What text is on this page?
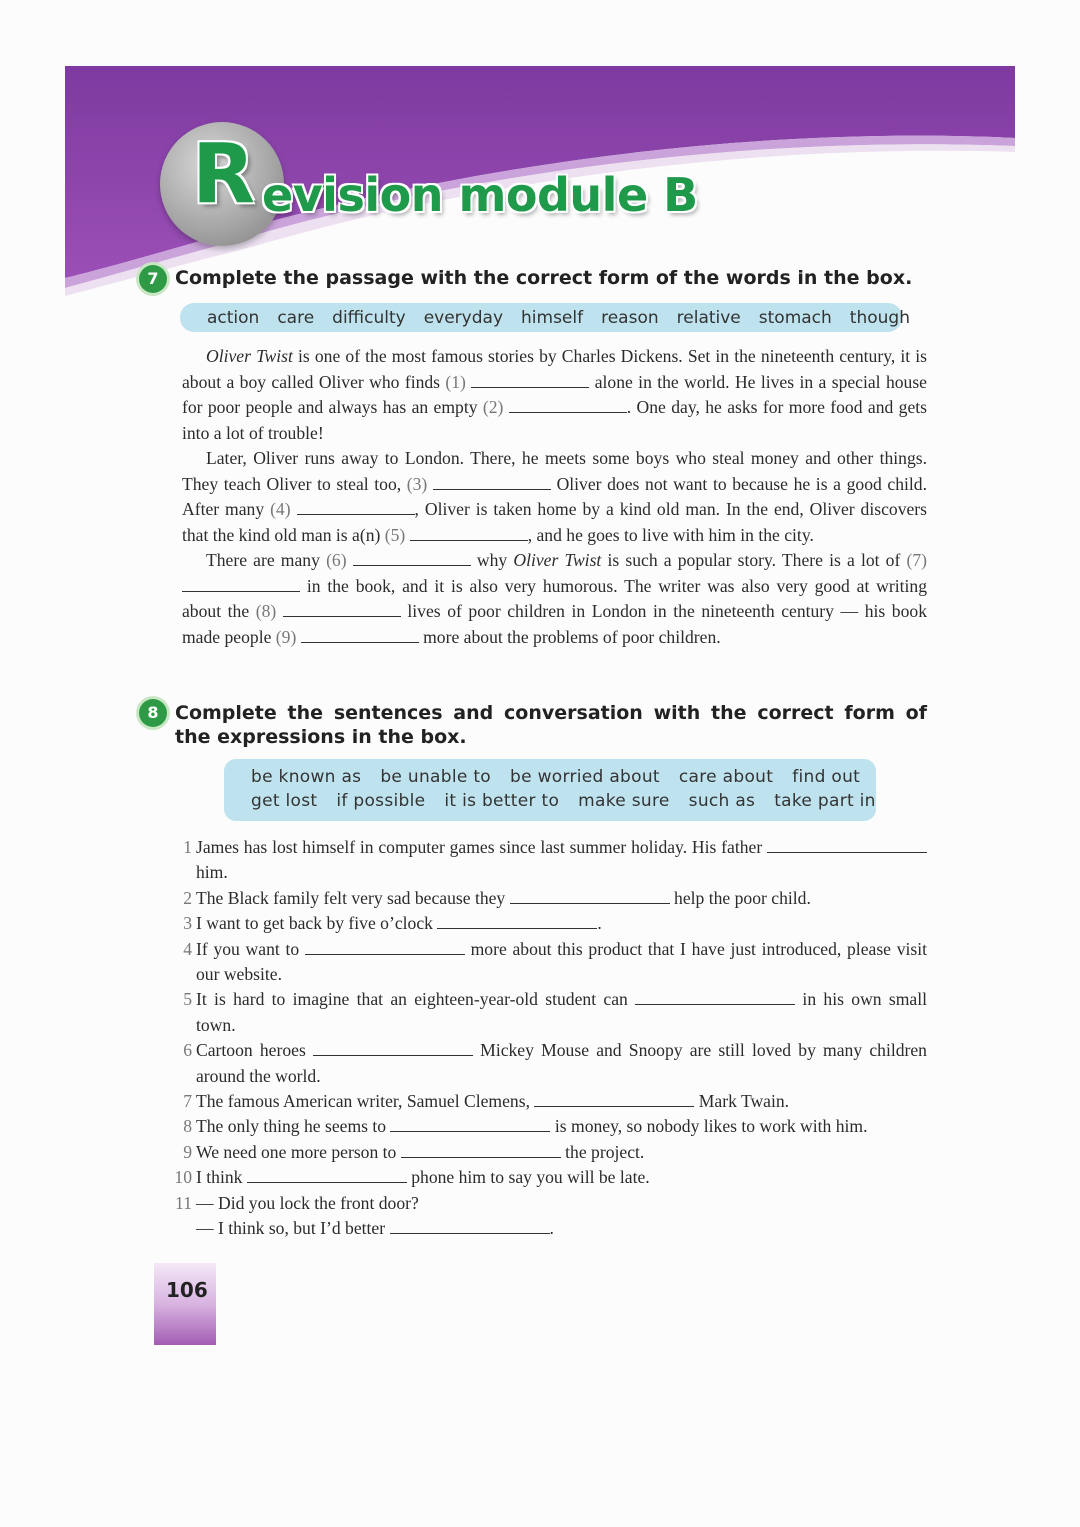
R evision module B
7 Complete the passage with the correct form of the words in the box.
action care difficulty everyday himself reason relative stomach though

Oliver Twist is one of the most famous stories by Charles Dickens. Set in the nineteenth century, it is about a boy called Oliver who finds (1)	alone in the world. He lives in a special house for poor people and always has an empty (2)	. One day, he asks for more food and gets into a lot of trouble!

Later, Oliver runs away to London. There, he meets some boys who steal money and other things. They teach Oliver to steal too, (3)	Oliver does not want to because he is a good child. After many (4)	, Oliver is taken home by a kind old man. In the end, Oliver discovers that the kind old man is a(n) (5)	, and he goes to live with him in the city.

There are many (6)	why Oliver Twist is such a popular story. There is a lot of (7)  in the book, and it is also very humorous. The writer was also very good at writing about the (8)	lives of poor children in London in the nineteenth century — his book made people (9)	more about the problems of poor children.

8 Complete the sentences and conversation with the correct form of the expressions in the box.
be known as be unable to be worried about care about find out
get lost if possible it is better to make sure such as take part in
1 James has lost himself in computer games since last summer holiday. His father  him.
2 The Black family felt very sad because they	help the poor child.
3 I want to get back by five o’clock	.
4 If you want to	more about this product that I have just introduced, please visit our website.
5 It is hard to imagine that an eighteen-year-old student can	in his own small town.
6 Cartoon heroes	Mickey Mouse and Snoopy are still loved by many children around the world.
7 The famous American writer, Samuel Clemens,	Mark Twain.
8 The only thing he seems to	is money, so nobody likes to work with him.
9 We need one more person to	the project.
10 I think	phone him to say you will be late.
11 — Did you lock the front door?
— I think so, but I’d better	.
106
